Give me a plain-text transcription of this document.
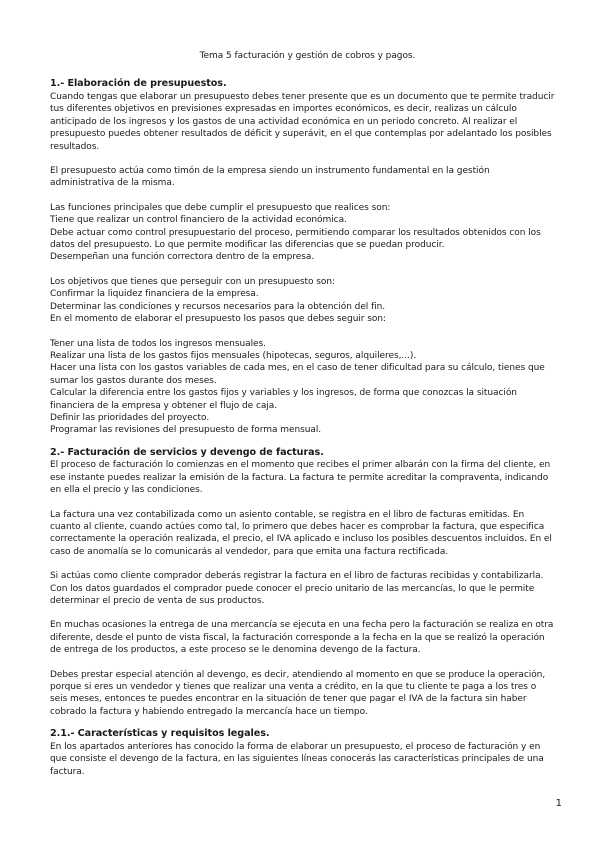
Tema 5 facturación y gestión de cobros y pagos.
1.- Elaboración de presupuestos.

Cuando tengas que elaborar un presupuesto debes tener presente que es un documento que te permite traducir
tus diferentes objetivos en previsiones expresadas en importes económicos, es decir, realizas un cálculo
anticipado de los ingresos y los gastos de una actividad económica en un periodo concreto. Al realizar el
presupuesto puedes obtener resultados de déficit y superávit, en el que contemplas por adelantado los posibles
resultados.

El presupuesto actúa como timón de la empresa siendo un instrumento fundamental en la gestión
administrativa de la misma.

Las funciones principales que debe cumplir el presupuesto que realices son:
Tiene que realizar un control financiero de la actividad económica.
Debe actuar como control presupuestario del proceso, permitiendo comparar los resultados obtenidos con los
datos del presupuesto. Lo que permite modificar las diferencias que se puedan producir.
Desempeñan una función correctora dentro de la empresa.

Los objetivos que tienes que perseguir con un presupuesto son:
Confirmar la liquidez financiera de la empresa.
Determinar las condiciones y recursos necesarios para la obtención del fin.
En el momento de elaborar el presupuesto los pasos que debes seguir son:

Tener una lista de todos los ingresos mensuales.
Realizar una lista de los gastos fijos mensuales (hipotecas, seguros, alquileres,...).
Hacer una lista con los gastos variables de cada mes, en el caso de tener dificultad para su cálculo, tienes que
sumar los gastos durante dos meses.
Calcular la diferencia entre los gastos fijos y variables y los ingresos, de forma que conozcas la situación
financiera de la empresa y obtener el flujo de caja.
Definir las prioridades del proyecto.
Programar las revisiones del presupuesto de forma mensual.

2.- Facturación de servicios y devengo de facturas.

El proceso de facturación lo comienzas en el momento que recibes el primer albarán con la firma del cliente, en
ese instante puedes realizar la emisión de la factura. La factura te permite acreditar la compraventa, indicando
en ella el precio y las condiciones.

La factura una vez contabilizada como un asiento contable, se registra en el libro de facturas emitidas. En
cuanto al cliente, cuando actúes como tal, lo primero que debes hacer es comprobar la factura, que especifica
correctamente la operación realizada, el precio, el IVA aplicado e incluso los posibles descuentos incluidos. En el
caso de anomalía se lo comunicarás al vendedor, para que emita una factura rectificada.

Si actúas como cliente comprador deberás registrar la factura en el libro de facturas recibidas y contabilizarla.
Con los datos guardados el comprador puede conocer el precio unitario de las mercancías, lo que le permite
determinar el precio de venta de sus productos.

En muchas ocasiones la entrega de una mercancía se ejecuta en una fecha pero la facturación se realiza en otra
diferente, desde el punto de vista fiscal, la facturación corresponde a la fecha en la que se realizó la operación
de entrega de los productos, a este proceso se le denomina devengo de la factura.

Debes prestar especial atención al devengo, es decir, atendiendo al momento en que se produce la operación,
porque si eres un vendedor y tienes que realizar una venta a crédito, en la que tu cliente te paga a los tres o
seis meses, entonces te puedes encontrar en la situación de tener que pagar el IVA de la factura sin haber
cobrado la factura y habiendo entregado la mercancía hace un tiempo.

2.1.- Características y requisitos legales.

En los apartados anteriores has conocido la forma de elaborar un presupuesto, el proceso de facturación y en
que consiste el devengo de la factura, en las siguientes líneas conocerás las características principales de una
factura.

1
